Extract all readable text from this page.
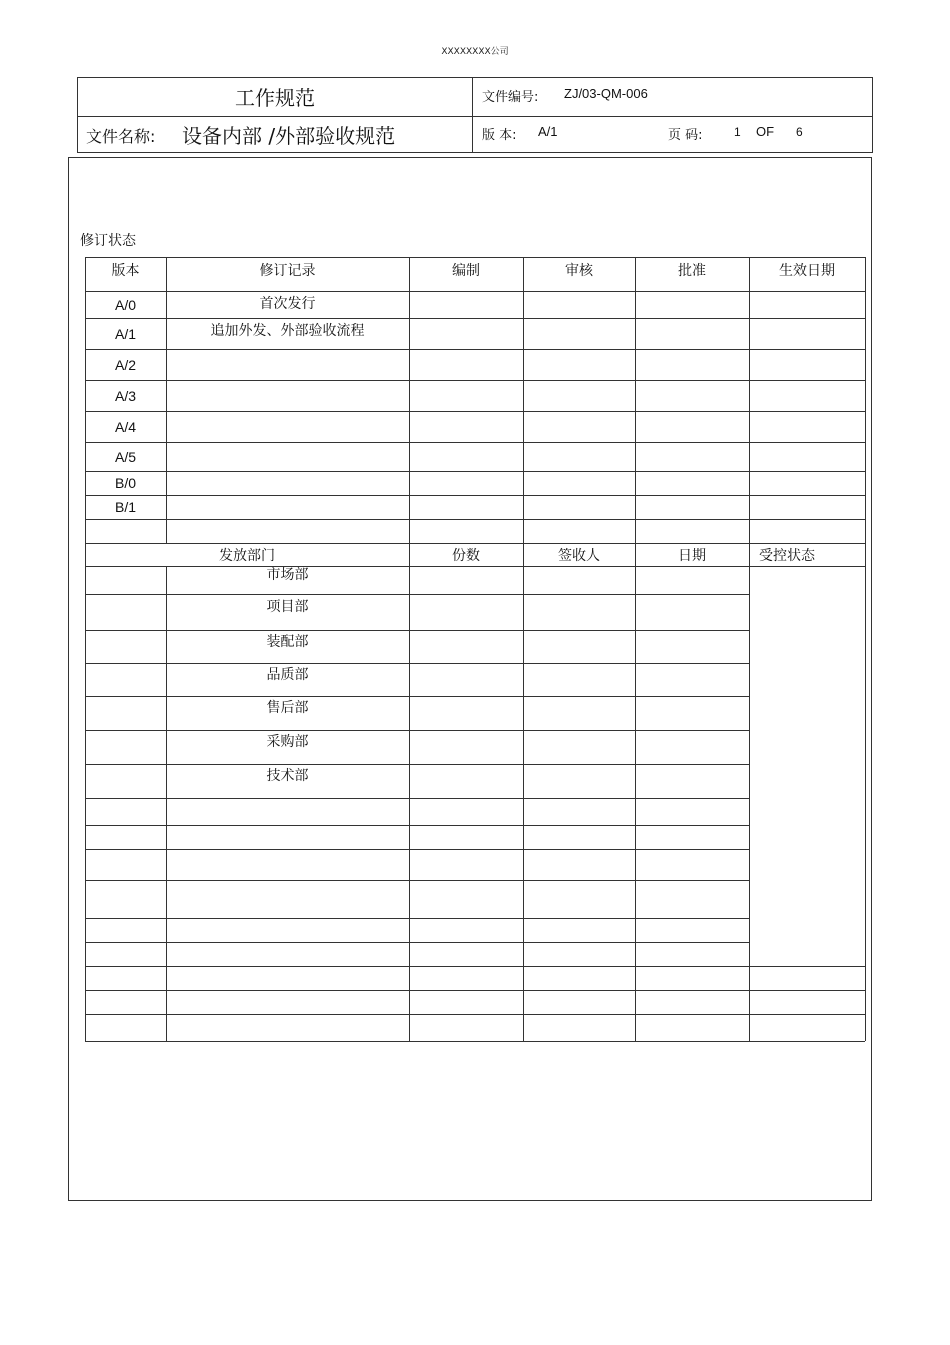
XXXXXXXX公司
工作规范
文件名称: 设备内部 /外部验收规范
文件编号: ZJ/03-QM-006
版 本: A/1	页 码:	1 OF 6
修订状态
版本	修订记录	编制	审核	批准	生效日期
A/0	首次发行
A/1	追加外发、外部验收流程
A/2
A/3
A/4
A/5
B/0
B/1
发放部门	份数	签收人	日期	受控状态
市场部
项目部
装配部
品质部
售后部
采购部
技术部
